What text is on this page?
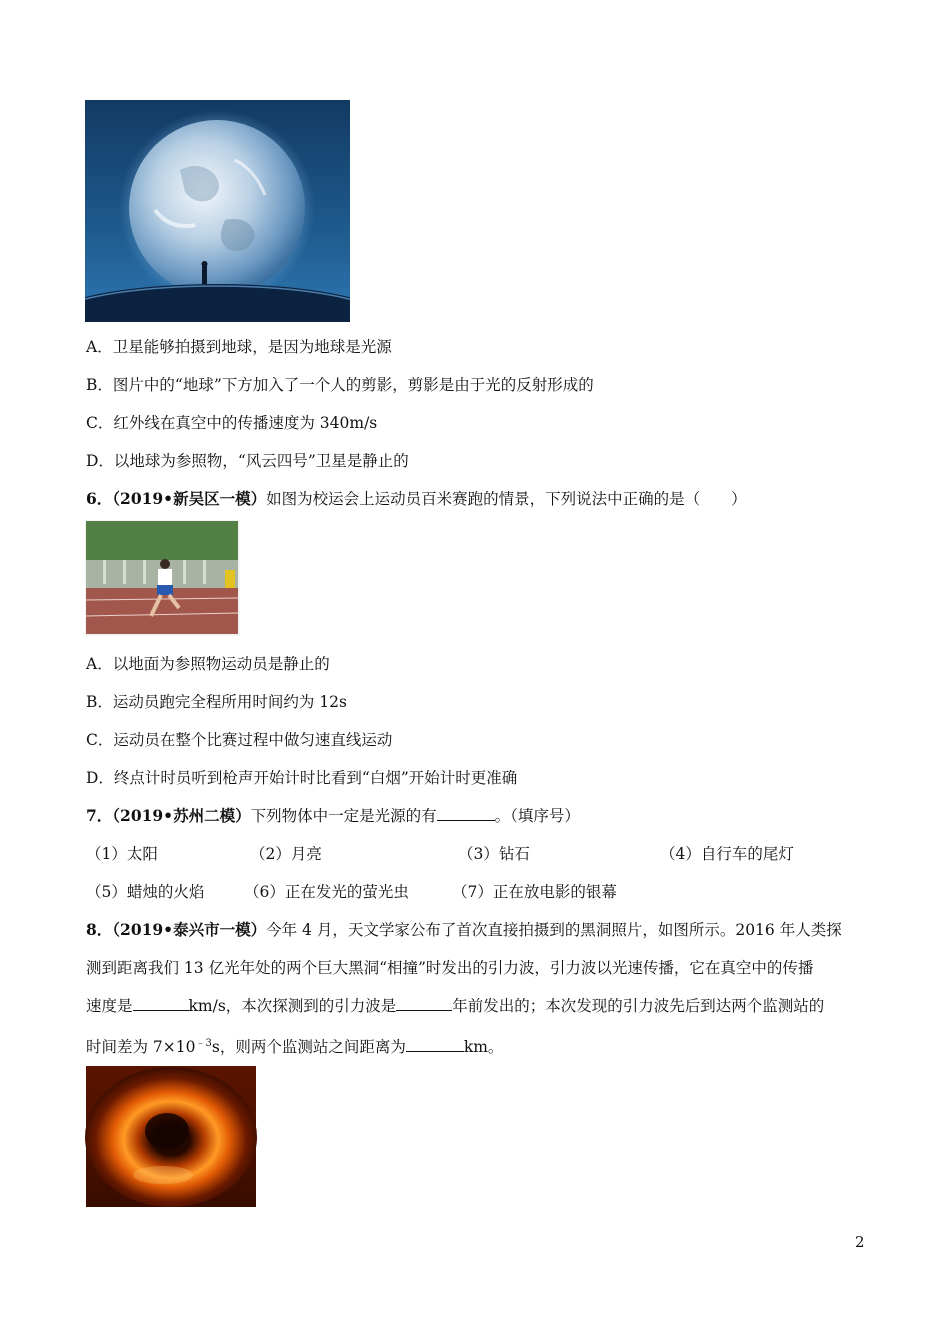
A．卫星能够拍摄到地球，是因为地球是光源
B．图片中的“地球”下方加入了一个人的剪影，剪影是由于光的反射形成的
C．红外线在真空中的传播速度为 340m/s
D．以地球为参照物，“风云四号”卫星是静止的
6．（2019•新吴区一模）如图为校运会上运动员百米赛跑的情景，下列说法中正确的是（　　）
A．以地面为参照物运动员是静止的
B．运动员跑完全程所用时间约为 12s
C．运动员在整个比赛过程中做匀速直线运动
D．终点计时员听到枪声开始计时比看到“白烟”开始计时更准确
7．（2019•苏州二模）下列物体中一定是光源的有	。（填序号）
（1）太阳	（2）月亮	（3）钻石	（4）自行车的尾灯
（5）蜡烛的火焰	（6）正在发光的萤光虫	（7）正在放电影的银幕
8．（2019•泰兴市一模）今年 4 月，天文学家公布了首次直接拍摄到的黑洞照片，如图所示。2016 年人类探
测到距离我们 13 亿光年处的两个巨大黑洞“相撞”时发出的引力波，引力波以光速传播，它在真空中的传播
速度是	km/s，本次探测到的引力波是	年前发出的；本次发现的引力波先后到达两个监测站的
时间差为 $7\times 10^{﹣3}s$，则两个监测站之间距离为	km。
2
